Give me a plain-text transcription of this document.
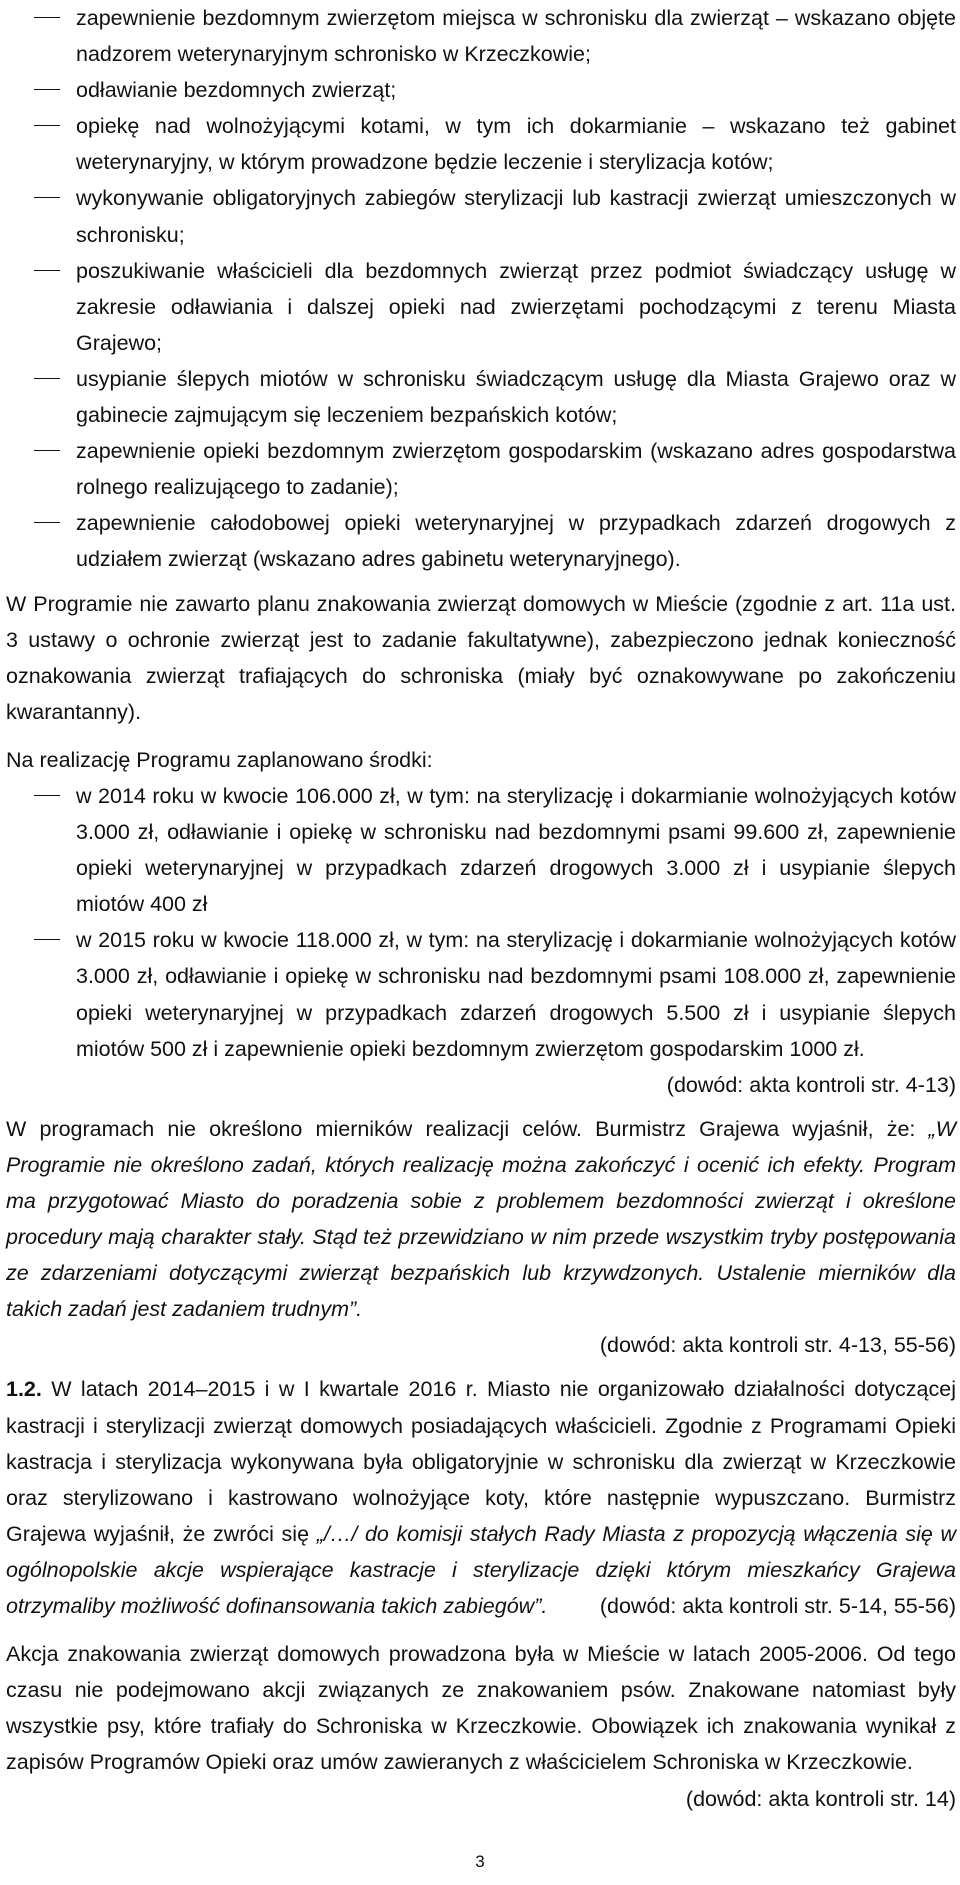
zapewnienie bezdomnym zwierzętom miejsca w schronisku dla zwierząt – wskazano objęte nadzorem weterynaryjnym schronisko w Krzeczkowie;
odławianie bezdomnych zwierząt;
opiekę nad wolnożyjącymi kotami, w tym ich dokarmianie – wskazano też gabinet weterynaryjny, w którym prowadzone będzie leczenie i sterylizacja kotów;
wykonywanie obligatoryjnych zabiegów sterylizacji lub kastracji zwierząt umieszczonych w schronisku;
poszukiwanie właścicieli dla bezdomnych zwierząt przez podmiot świadczący usługę w zakresie odławiania i dalszej opieki nad zwierzętami pochodzącymi z terenu Miasta Grajewo;
usypianie ślepych miotów w schronisku świadczącym usługę dla Miasta Grajewo oraz w gabinecie zajmującym się leczeniem bezpańskich kotów;
zapewnienie opieki bezdomnym zwierzętom gospodarskim (wskazano adres gospodarstwa rolnego realizującego to zadanie);
zapewnienie całodobowej opieki weterynaryjnej w przypadkach zdarzeń drogowych z udziałem zwierząt (wskazano adres gabinetu weterynaryjnego).

W Programie nie zawarto planu znakowania zwierząt domowych w Mieście (zgodnie z art. 11a ust. 3 ustawy o ochronie zwierząt jest to zadanie fakultatywne), zabezpieczono jednak konieczność oznakowania zwierząt trafiających do schroniska (miały być oznakowywane po zakończeniu kwarantanny).

Na realizację Programu zaplanowano środki:

w 2014 roku w kwocie 106.000 zł, w tym: na sterylizację i dokarmianie wolnożyjących kotów 3.000 zł, odławianie i opiekę w schronisku nad bezdomnymi psami 99.600 zł, zapewnienie opieki weterynaryjnej w przypadkach zdarzeń drogowych 3.000 zł i usypianie ślepych miotów 400 zł
w 2015 roku w kwocie 118.000 zł, w tym: na sterylizację i dokarmianie wolnożyjących kotów 3.000 zł, odławianie i opiekę w schronisku nad bezdomnymi psami 108.000 zł, zapewnienie opieki weterynaryjnej w przypadkach zdarzeń drogowych 5.500 zł i usypianie ślepych miotów 500 zł i zapewnienie opieki bezdomnym zwierzętom gospodarskim 1000 zł.
(dowód: akta kontroli str. 4-13)

W programach nie określono mierników realizacji celów. Burmistrz Grajewa wyjaśnił, że: „W Programie nie określono zadań, których realizację można zakończyć i ocenić ich efekty. Program ma przygotować Miasto do poradzenia sobie z problemem bezdomności zwierząt i określone procedury mają charakter stały. Stąd też przewidziano w nim przede wszystkim tryby postępowania ze zdarzeniami dotyczącymi zwierząt bezpańskich lub krzywdzonych. Ustalenie mierników dla takich zadań jest zadaniem trudnym”.
(dowód: akta kontroli str. 4-13, 55-56)

1.2. W latach 2014–2015 i w I kwartale 2016 r. Miasto nie organizowało działalności dotyczącej kastracji i sterylizacji zwierząt domowych posiadających właścicieli. Zgodnie z Programami Opieki kastracja i sterylizacja wykonywana była obligatoryjnie w schronisku dla zwierząt w Krzeczkowie oraz sterylizowano i kastrowano wolnożyjące koty, które następnie wypuszczano. Burmistrz Grajewa wyjaśnił, że zwróci się „/…/ do komisji stałych Rady Miasta z propozycją włączenia się w ogólnopolskie akcje wspierające kastracje i sterylizacje dzięki którym mieszkańcy Grajewa otrzymaliby możliwość dofinansowania takich zabiegów”. (dowód: akta kontroli str. 5-14, 55-56)

Akcja znakowania zwierząt domowych prowadzona była w Mieście w latach 2005-2006. Od tego czasu nie podejmowano akcji związanych ze znakowaniem psów. Znakowane natomiast były wszystkie psy, które trafiały do Schroniska w Krzeczkowie. Obowiązek ich znakowania wynikał z zapisów Programów Opieki oraz umów zawieranych z właścicielem Schroniska w Krzeczkowie.
(dowód: akta kontroli str. 14)

3
